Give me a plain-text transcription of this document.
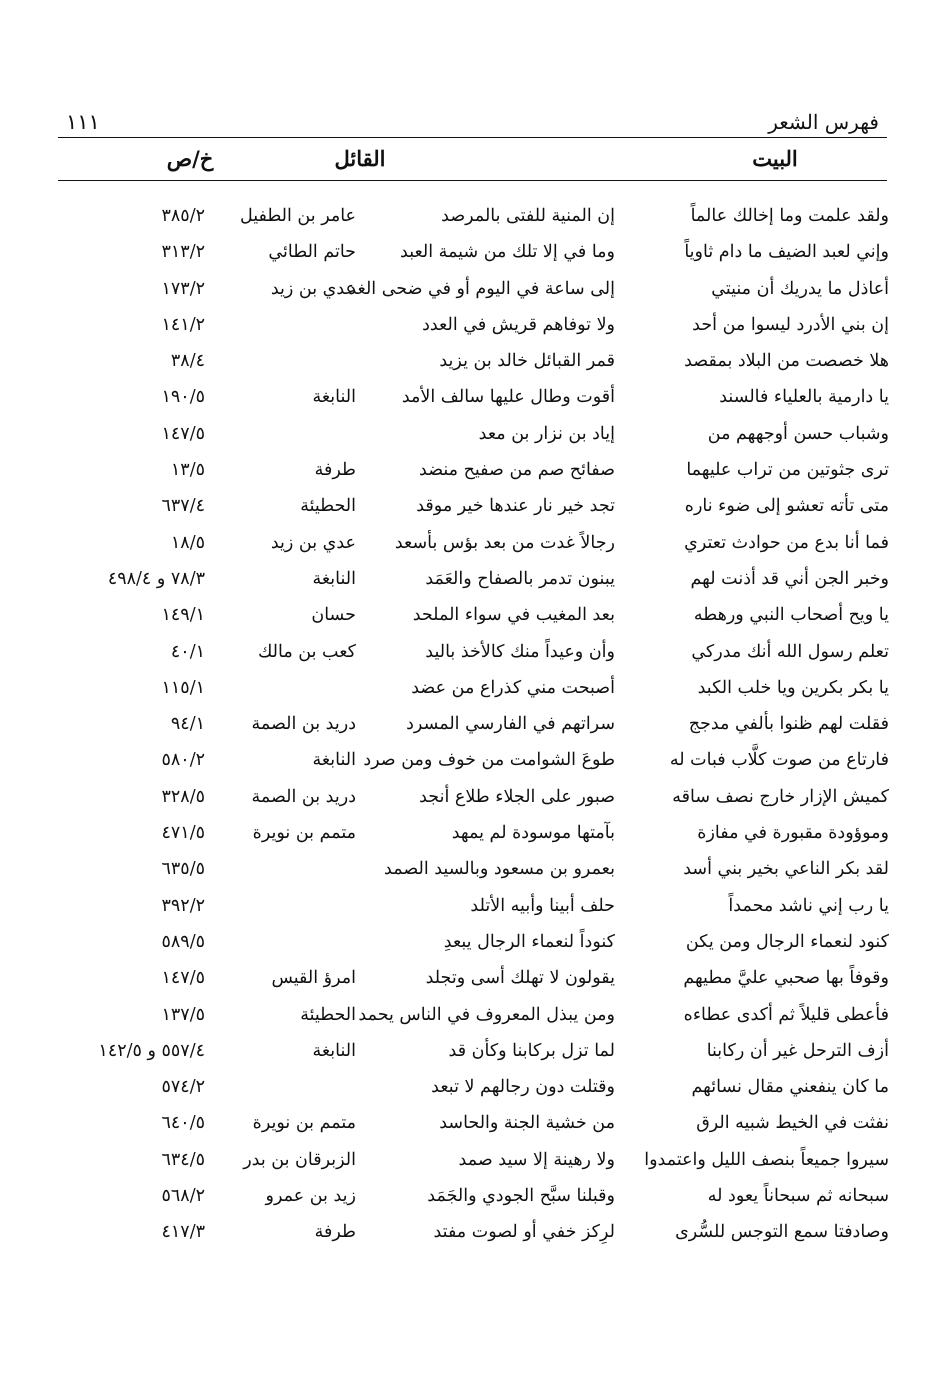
١١١	فهرس الشعر
البيت
القائل
خ/ص
ولقد علمت وما إخالك عالماً
إن المنية للفتى بالمرصد
عامر بن الطفيل
٣٨٥/٢
وإني لعبد الضيف ما دام ثاوياً
وما في إلا تلك من شيمة العبد
حاتم الطائي
٣١٣/٢
أعاذل ما يدريك أن منيتي
إلى ساعة في اليوم أو في ضحى الغد
عدي بن زيد
١٧٣/٢
إن بني الأدرد ليسوا من أحد
ولا توفاهم قريش في العدد
١٤١/٢
هلا خصصت من البلاد بمقصد
قمر القبائل خالد بن يزيد
٣٨/٤
يا دارمية بالعلياء فالسند
أقوت وطال عليها سالف الأمد
النابغة
١٩٠/٥
وشباب حسن أوجههم من
إياد بن نزار بن معد
١٤٧/٥
ترى جثوتين من تراب عليهما
صفائح صم من صفيح منضد
طرفة
١٣/٥
متى تأته تعشو إلى ضوء ناره
تجد خير نار عندها خير موقد
الحطيئة
٦٣٧/٤
فما أنا بدع من حوادث تعتري
رجالاً غدت من بعد بؤس بأسعد
عدي بن زيد
١٨/٥
وخبر الجن أني قد أذنت لهم
يبنون تدمر بالصفاح والعَمَد
النابغة
٧٨/٣ و ٤٩٨/٤
يا ويح أصحاب النبي ورهطه
بعد المغيب في سواء الملحد
حسان
١٤٩/١
تعلم رسول الله أنك مدركي
وأن وعيداً منك كالأخذ باليد
كعب بن مالك
٤٠/١
يا بكر بكرين ويا خلب الكبد
أصبحت مني كذراع من عضد
١١٥/١
فقلت لهم ظنوا بألفي مدجج
سراتهم في الفارسي المسرد
دريد بن الصمة
٩٤/١
فارتاع من صوت كلَّاب فبات له
طوعَ الشوامت من خوف ومن صرد
النابغة
٥٨٠/٢
كميش الإزار خارج نصف ساقه
صبور على الجلاء طلاع أنجد
دريد بن الصمة
٣٢٨/٥
وموؤودة مقبورة في مفازة
بآمتها موسودة لم يمهد
متمم بن نويرة
٤٧١/٥
لقد بكر الناعي بخير بني أسد
بعمرو بن مسعود وبالسيد الصمد
٦٣٥/٥
يا رب إني ناشد محمداً
حلف أبينا وأبيه الأتلد
٣٩٢/٢
كنود لنعماء الرجال ومن يكن
كنوداً لنعماء الرجال يبعدِ
٥٨٩/٥
وقوفاً بها صحبي عليَّ مطيهم
يقولون لا تهلك أسى وتجلد
امرؤ القيس
١٤٧/٥
فأعطى قليلاً ثم أكدى عطاءه
ومن يبذل المعروف في الناس يحمد
الحطيئة
١٣٧/٥
أزف الترحل غير أن ركابنا
لما تزل بركابنا وكأن قد
النابغة
٥٥٧/٤ و ١٤٢/٥
ما كان ينفعني مقال نسائهم
وقتلت دون رجالهم لا تبعد
٥٧٤/٢
نفثت في الخيط شبيه الرق
من خشية الجنة والحاسد
متمم بن نويرة
٦٤٠/٥
سيروا جميعاً بنصف الليل واعتمدوا
ولا رهينة إلا سيد صمد
الزبرقان بن بدر
٦٣٤/٥
سبحانه ثم سبحاناً يعود له
وقبلنا سبَّح الجودي والجَمَد
زيد بن عمرو
٥٦٨/٢
وصادفتا سمع التوجس للسُّرى
لرِكز خفي أو لصوت مفتد
طرفة
٤١٧/٣
